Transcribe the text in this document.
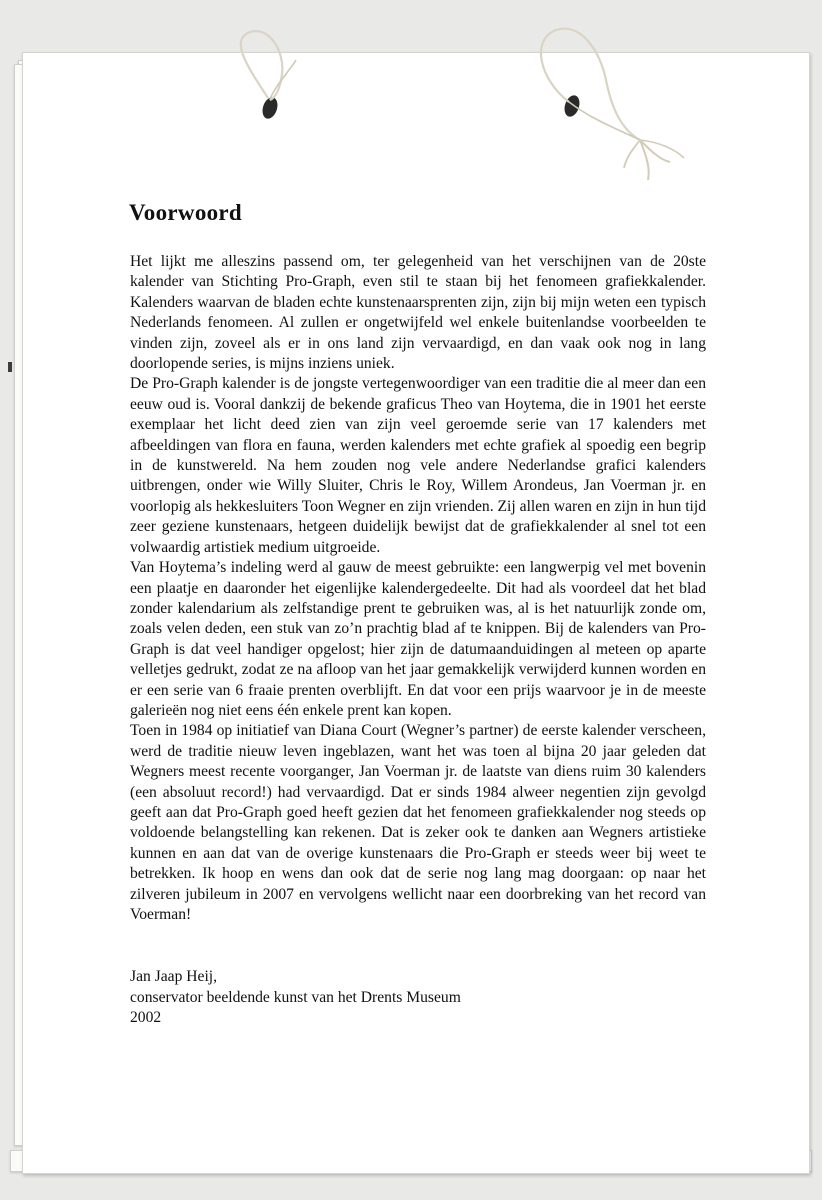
Voorwoord

Het lijkt me alleszins passend om, ter gelegenheid van het verschijnen van de 20ste kalender van Stichting Pro-Graph, even stil te staan bij het fenomeen grafiekkalender. Kalenders waarvan de bladen echte kunstenaarsprenten zijn, zijn bij mijn weten een typisch Nederlands fenomeen. Al zullen er ongetwijfeld wel enkele buitenlandse voorbeelden te vinden zijn, zoveel als er in ons land zijn vervaardigd, en dan vaak ook nog in lang doorlopende series, is mijns inziens uniek.

De Pro-Graph kalender is de jongste vertegenwoordiger van een traditie die al meer dan een eeuw oud is. Vooral dankzij de bekende graficus Theo van Hoytema, die in 1901 het eerste exemplaar het licht deed zien van zijn veel geroemde serie van 17 kalenders met afbeeldingen van flora en fauna, werden kalenders met echte grafiek al spoedig een begrip in de kunstwereld. Na hem zouden nog vele andere Nederlandse grafici kalenders uitbrengen, onder wie Willy Sluiter, Chris le Roy, Willem Arondeus, Jan Voerman jr. en voorlopig als hekkesluiters Toon Wegner en zijn vrienden. Zij allen waren en zijn in hun tijd zeer geziene kunstenaars, hetgeen duidelijk bewijst dat de grafiekkalender al snel tot een volwaardig artistiek medium uitgroeide.

Van Hoytema’s indeling werd al gauw de meest gebruikte: een langwerpig vel met bovenin een plaatje en daaronder het eigenlijke kalendergedeelte. Dit had als voordeel dat het blad zonder kalendarium als zelfstandige prent te gebruiken was, al is het natuurlijk zonde om, zoals velen deden, een stuk van zo’n prachtig blad af te knippen. Bij de kalenders van Pro-Graph is dat veel handiger opgelost; hier zijn de datumaanduidingen al meteen op aparte velletjes gedrukt, zodat ze na afloop van het jaar gemakkelijk verwijderd kunnen worden en er een serie van 6 fraaie prenten overblijft. En dat voor een prijs waarvoor je in de meeste galerieën nog niet eens één enkele prent kan kopen.

Toen in 1984 op initiatief van Diana Court (Wegner’s partner) de eerste kalender verscheen, werd de traditie nieuw leven ingeblazen, want het was toen al bijna 20 jaar geleden dat Wegners meest recente voorganger, Jan Voerman jr. de laatste van diens ruim 30 kalenders (een absoluut record!) had vervaardigd. Dat er sinds 1984 alweer negentien zijn gevolgd geeft aan dat Pro-Graph goed heeft gezien dat het fenomeen grafiekkalender nog steeds op voldoende belangstelling kan rekenen. Dat is zeker ook te danken aan Wegners artistieke kunnen en aan dat van de overige kunstenaars die Pro-Graph er steeds weer bij weet te betrekken. Ik hoop en wens dan ook dat de serie nog lang mag doorgaan: op naar het zilveren jubileum in 2007 en vervolgens wellicht naar een doorbreking van het record van Voerman!

Jan Jaap Heij,
conservator beeldende kunst van het Drents Museum
2002
